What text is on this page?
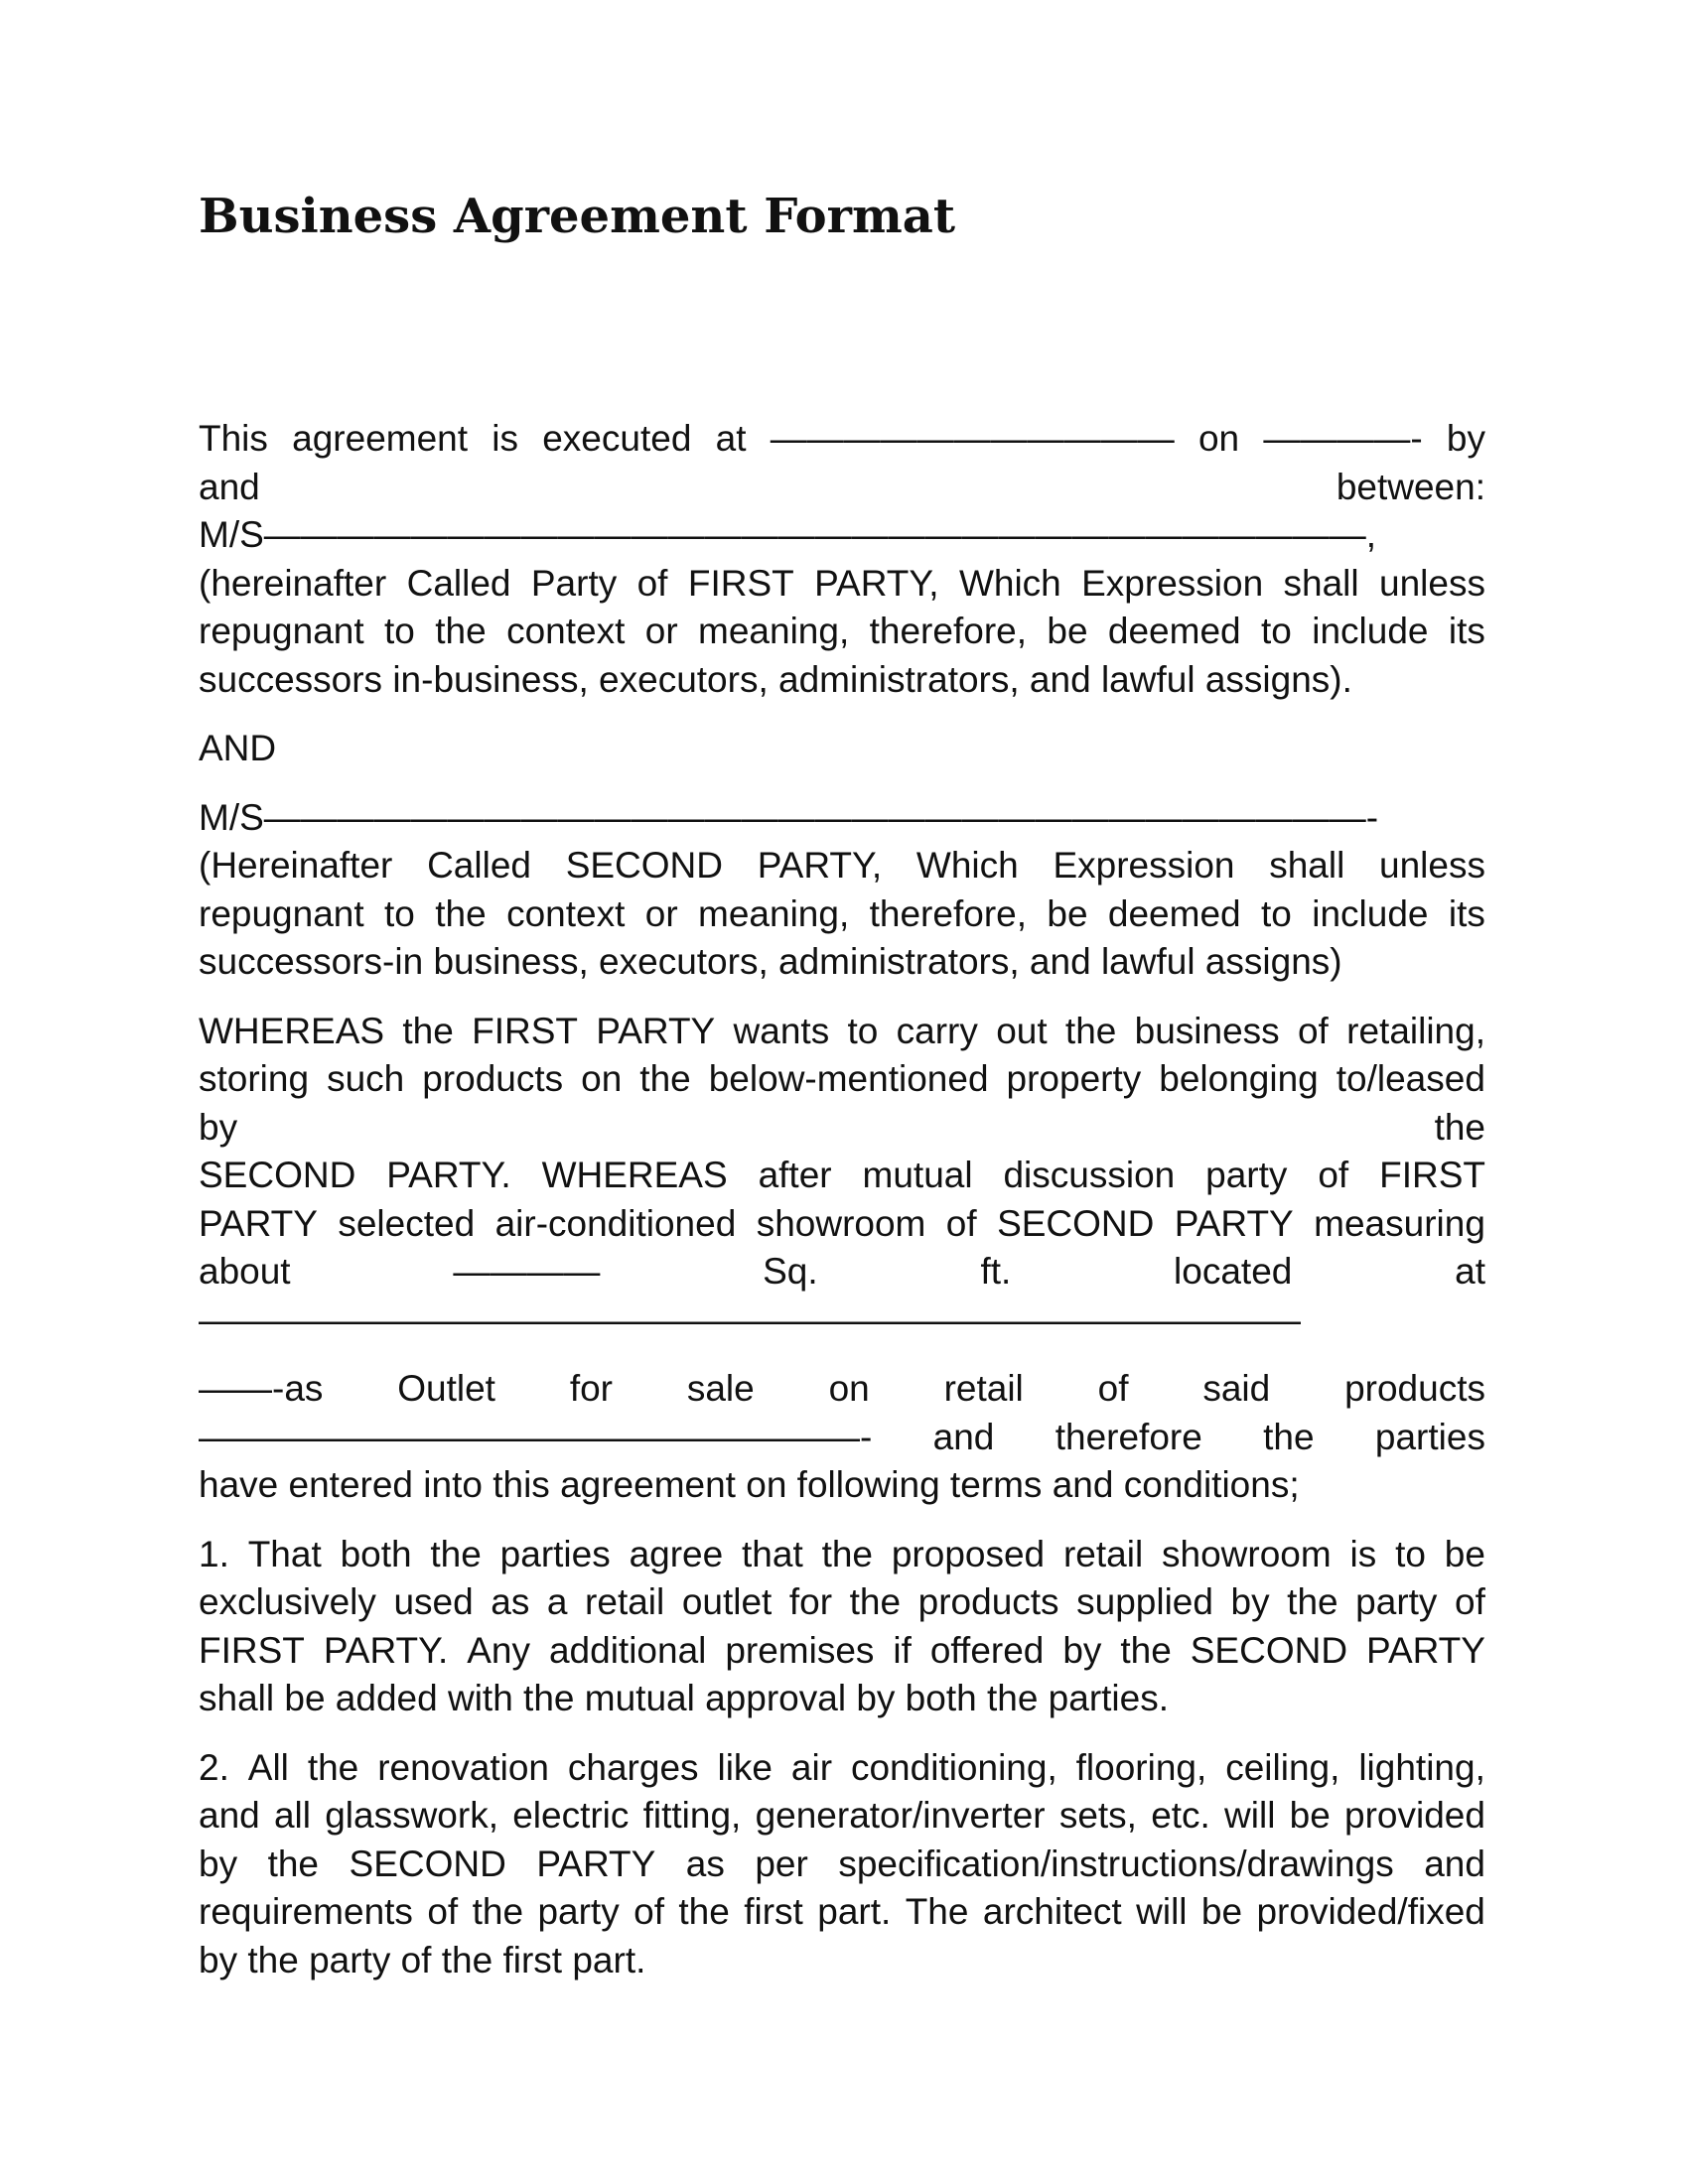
Business Agreement Format
This agreement is executed at ——————————— on ————- by
and	between:
M/S——————————————————————————————,
(hereinafter Called Party of FIRST PARTY, Which Expression shall unless
repugnant to the context or meaning, therefore, be deemed to include its
successors in-business, executors, administrators, and lawful assigns).
AND
M/S——————————————————————————————-
(Hereinafter Called SECOND PARTY, Which Expression shall unless
repugnant to the context or meaning, therefore, be deemed to include its
successors-in business, executors, administrators, and lawful assigns)
WHEREAS the FIRST PARTY wants to carry out the business of retailing,
storing such products on the below-mentioned property belonging to/leased
by	the
SECOND PARTY. WHEREAS after mutual discussion party of FIRST
PARTY selected air-conditioned showroom of SECOND PARTY measuring
about	————	Sq.	ft.	located	at
——————————————————————————————
——-as Outlet for sale on retail of said products
——————————————————- and therefore the parties
have entered into this agreement on following terms and conditions;
1. That both the parties agree that the proposed retail showroom is to be
exclusively used as a retail outlet for the products supplied by the party of
FIRST PARTY. Any additional premises if offered by the SECOND PARTY
shall be added with the mutual approval by both the parties.
2. All the renovation charges like air conditioning, flooring, ceiling, lighting,
and all glasswork, electric fitting, generator/inverter sets, etc. will be provided
by the SECOND PARTY as per specification/instructions/drawings and
requirements of the party of the first part. The architect will be provided/fixed
by the party of the first part.
